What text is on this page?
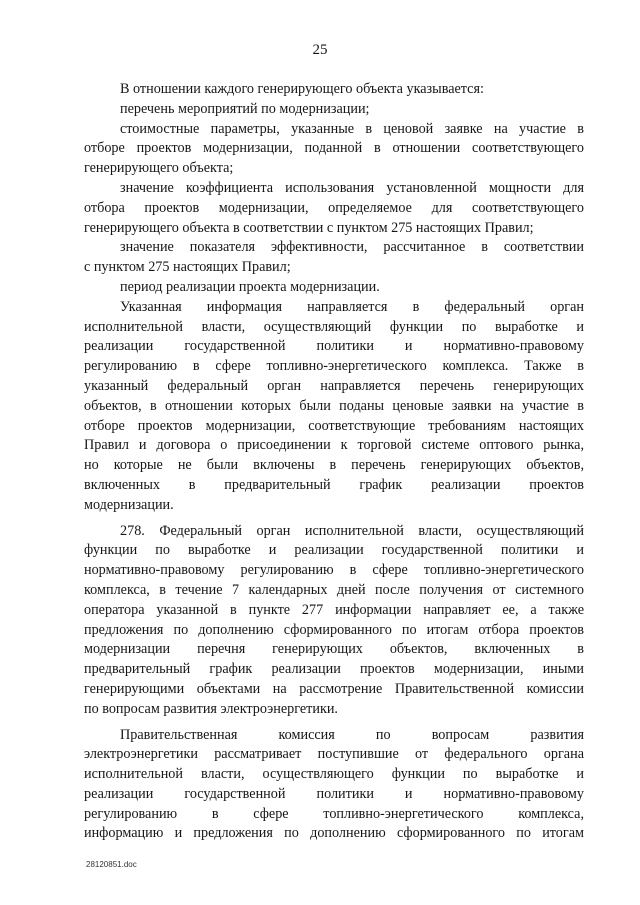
25
В отношении каждого генерирующего объекта указывается:
перечень мероприятий по модернизации;
стоимостные параметры, указанные в ценовой заявке на участие в
отборе проектов модернизации, поданной в отношении соответствующего
генерирующего объекта;
значение коэффициента использования установленной мощности для
отбора проектов модернизации, определяемое для соответствующего
генерирующего объекта в соответствии с пунктом 275 настоящих Правил;
значение показателя эффективности, рассчитанное в соответствии
с пунктом 275 настоящих Правил;
период реализации проекта модернизации.
Указанная информация направляется в федеральный орган
исполнительной власти, осуществляющий функции по выработке и
реализации государственной политики и нормативно-правовому
регулированию в сфере топливно-энергетического комплекса. Также в
указанный федеральный орган направляется перечень генерирующих
объектов, в отношении которых были поданы ценовые заявки на участие в
отборе проектов модернизации, соответствующие требованиям настоящих
Правил и договора о присоединении к торговой системе оптового рынка,
но которые не были включены в перечень генерирующих объектов,
включенных в предварительный график реализации проектов
модернизации.
278. Федеральный орган исполнительной власти, осуществляющий
функции по выработке и реализации государственной политики и
нормативно-правовому регулированию в сфере топливно-энергетического
комплекса, в течение 7 календарных дней после получения от системного
оператора указанной в пункте 277 информации направляет ее, а также
предложения по дополнению сформированного по итогам отбора проектов
модернизации перечня генерирующих объектов, включенных в
предварительный график реализации проектов модернизации, иными
генерирующими объектами на рассмотрение Правительственной комиссии
по вопросам развития электроэнергетики.
Правительственная комиссия по вопросам развития
электроэнергетики рассматривает поступившие от федерального органа
исполнительной власти, осуществляющего функции по выработке и
реализации государственной политики и нормативно-правовому
регулированию в сфере топливно-энергетического комплекса,
информацию и предложения по дополнению сформированного по итогам
28120851.doc
